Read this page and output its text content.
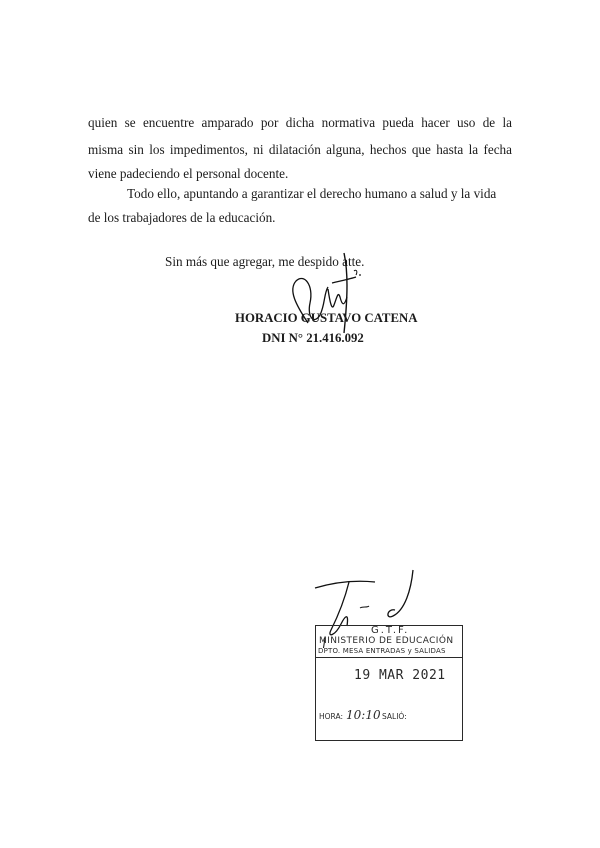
quien se encuentre amparado por dicha normativa pueda hacer uso de la
misma sin los impedimentos, ni dilatación alguna, hechos que hasta la fecha
viene padeciendo el personal docente.
Todo ello, apuntando a garantizar el derecho humano a salud y la vida
de los trabajadores de la educación.
Sin más que agregar, me despido atte.
HORACIO GUSTAVO CATENA
DNI N° 21.416.092
G.T.F.
MINISTERIO DE EDUCACIÓN
DPTO. MESA ENTRADAS y SALIDAS
19 MAR 2021
HORA: 10:10 SALIÓ:
